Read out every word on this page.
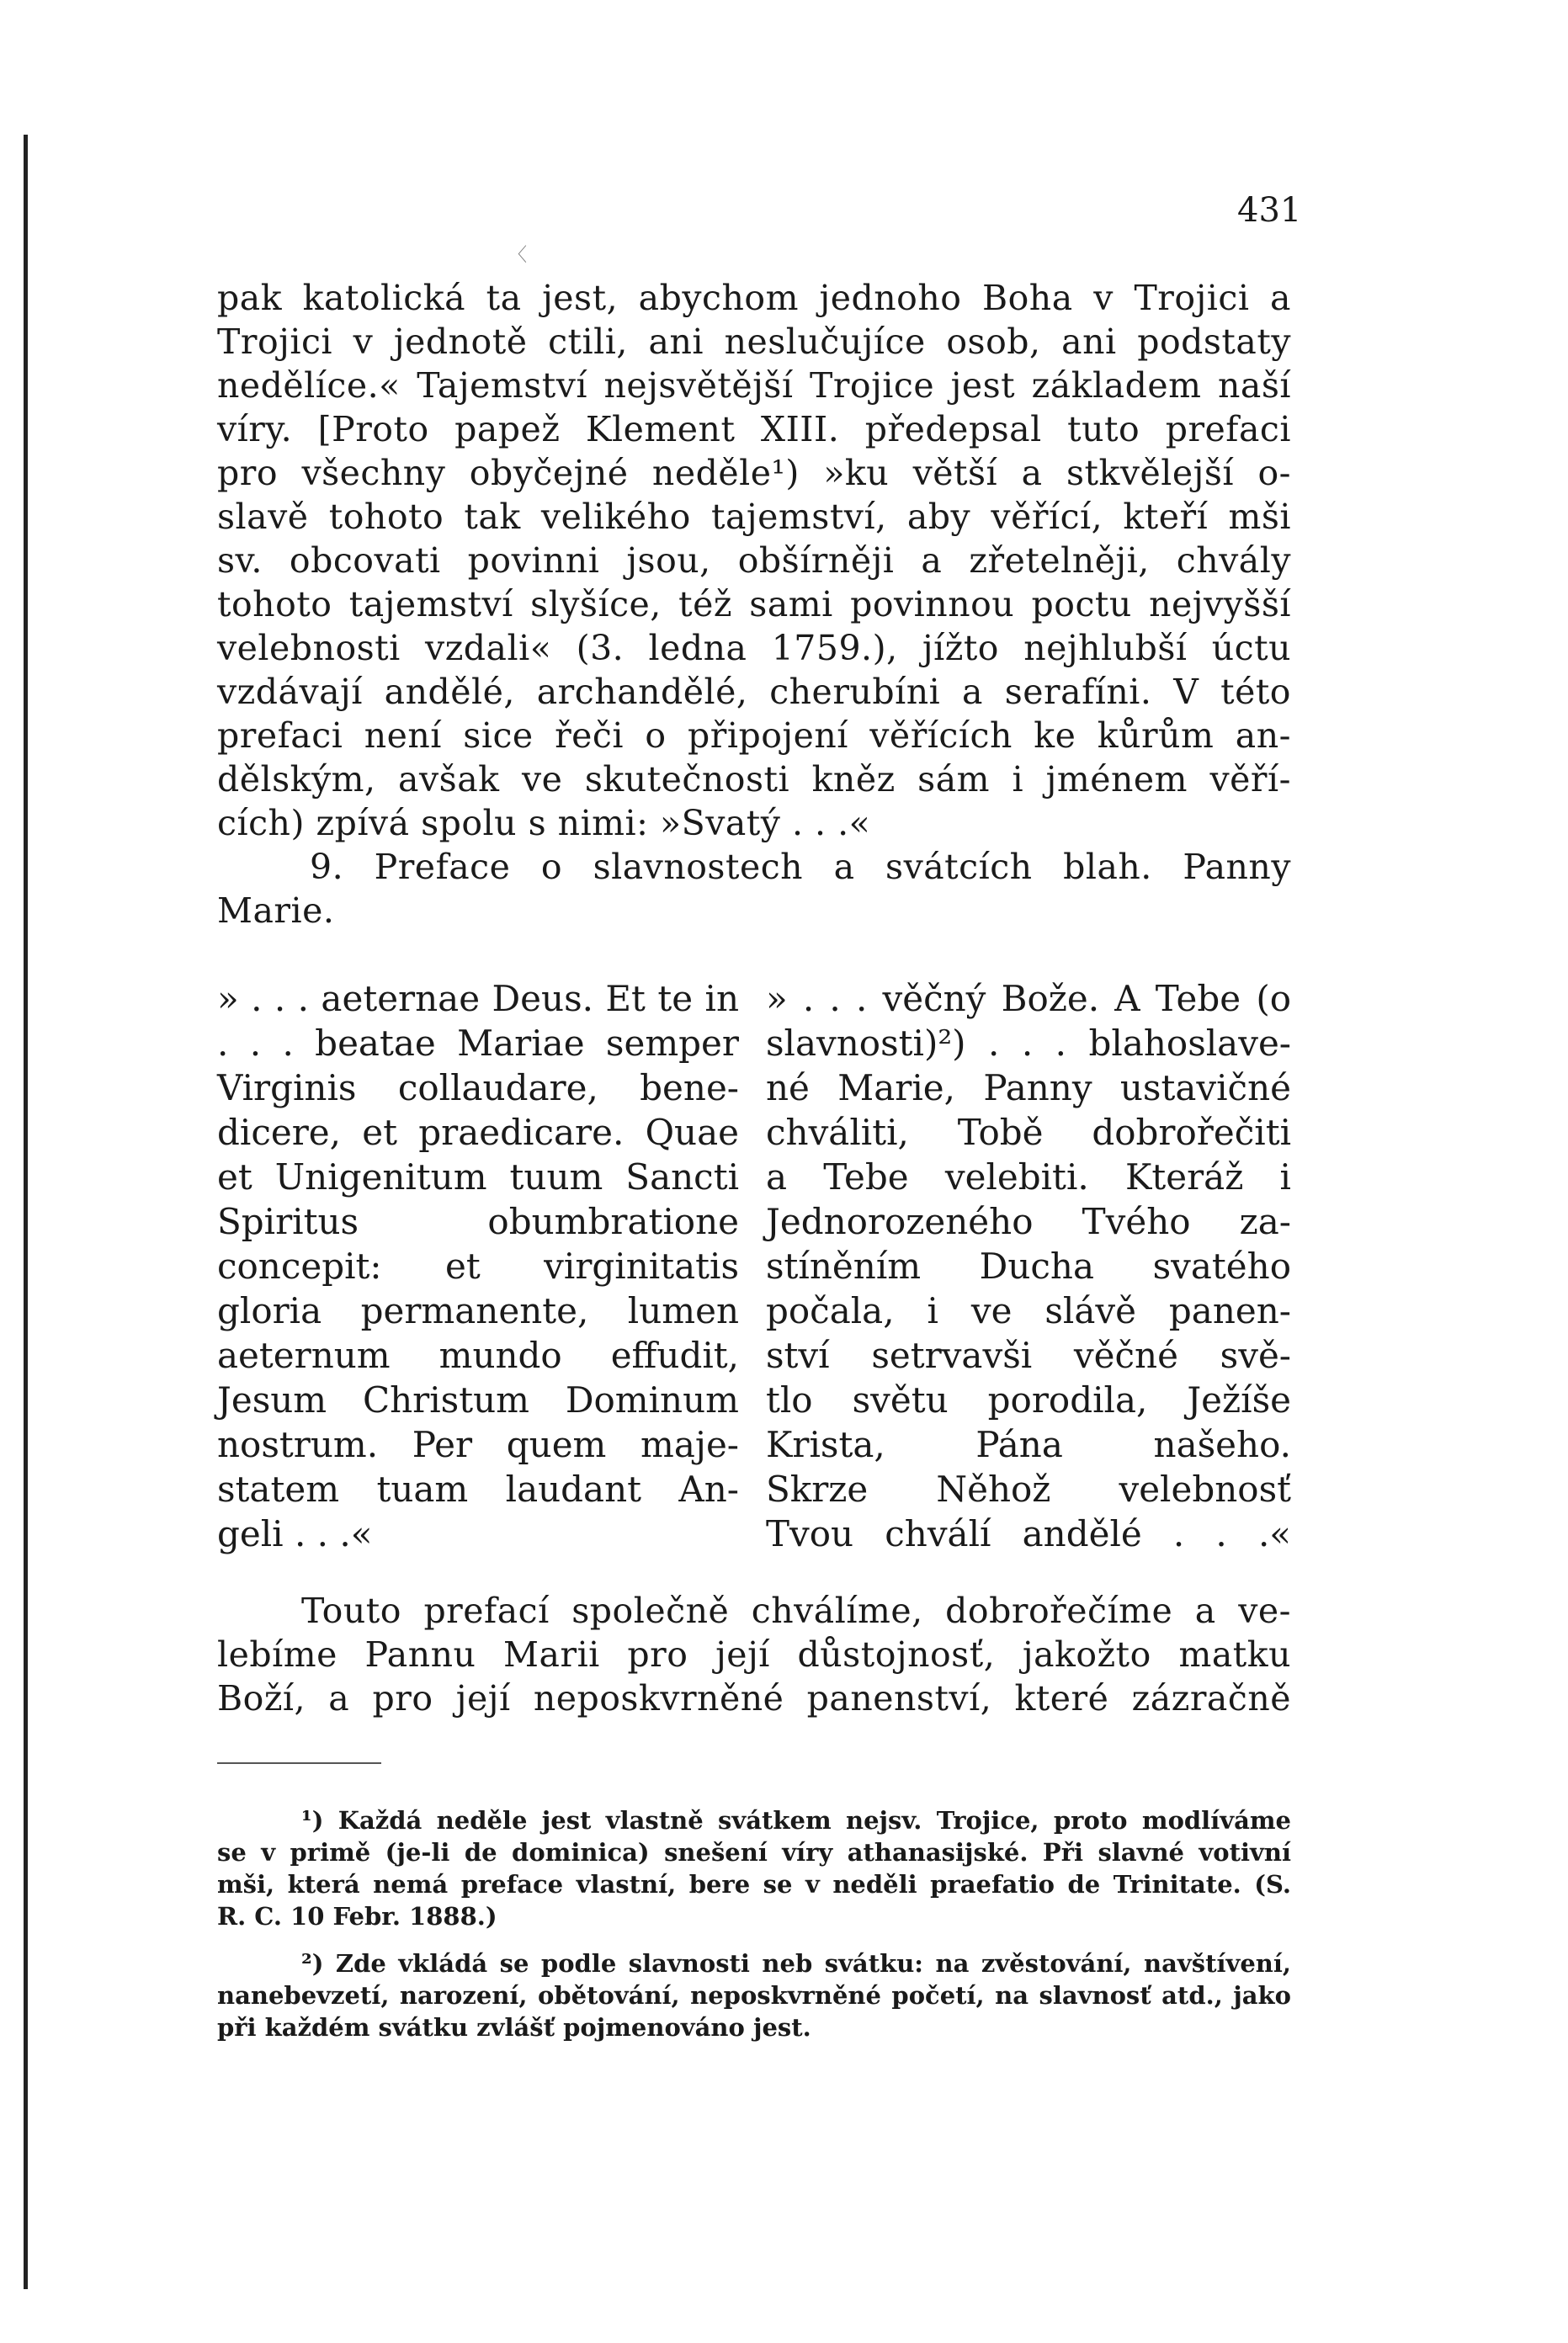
431
〈
pak katolická ta jest, abychom jednoho Boha v Trojici a
Trojici v jednotě ctili, ani neslučujíce osob, ani podstaty
nedělíce.« Tajemství nejsvětější Trojice jest základem naší
víry. [Proto papež Klement XIII. předepsal tuto prefaci
pro všechny obyčejné neděle¹) »ku větší a stkvělejší o-
slavě tohoto tak velikého tajemství, aby věřící, kteří mši
sv. obcovati povinni jsou, obšírněji a zřetelněji, chvály
tohoto tajemství slyšíce, též sami povinnou poctu nejvyšší
velebnosti vzdali« (3. ledna 1759.), jížto nejhlubší úctu
vzdávají andělé, archandělé, cherubíni a serafíni. V této
prefaci není sice řeči o připojení věřících ke kůrům an-
dělským, avšak ve skutečnosti kněz sám i jménem věří-
cích) zpívá spolu s nimi: »Svatý . . .«
9. Preface o slavnostech a svátcích blah. Panny
Marie.
» . . . aeternae Deus. Et te in
. . . beatae Mariae semper
Virginis collaudare, bene-
dicere, et praedicare. Quae
et Unigenitum tuum Sancti
Spiritus obumbratione
concepit: et virginitatis
gloria permanente, lumen
aeternum mundo effudit,
Jesum Christum Dominum
nostrum. Per quem maje-
statem tuam laudant An-
geli . . .«
» . . . věčný Bože. A Tebe (o
slavnosti)²) . . . blahoslave-
né Marie, Panny ustavičné
chváliti, Tobě dobrořečiti
a Tebe velebiti. Kteráž i
Jednorozeného Tvého za-
stíněním Ducha svatého
počala, i ve slávě panen-
ství setrvavši věčné svě-
tlo světu porodila, Ježíše
Krista, Pána našeho.
Skrze Něhož velebnosť
Tvou chválí andělé . . .«
Touto prefací společně chválíme, dobrořečíme a ve-
lebíme Pannu Marii pro její důstojnosť, jakožto matku
Boží, a pro její neposkvrněné panenství, které zázračně
¹) Každá neděle jest vlastně svátkem nejsv. Trojice, proto modlíváme
se v primě (je-li de dominica) snešení víry athanasijské. Při slavné votivní
mši, která nemá preface vlastní, bere se v neděli praefatio de Trinitate. (S.
R. C. 10 Febr. 1888.)
²) Zde vkládá se podle slavnosti neb svátku: na zvěstování, navštívení,
nanebevzetí, narození, obětování, neposkvrněné početí, na slavnosť atd., jako
při každém svátku zvlášť pojmenováno jest.
